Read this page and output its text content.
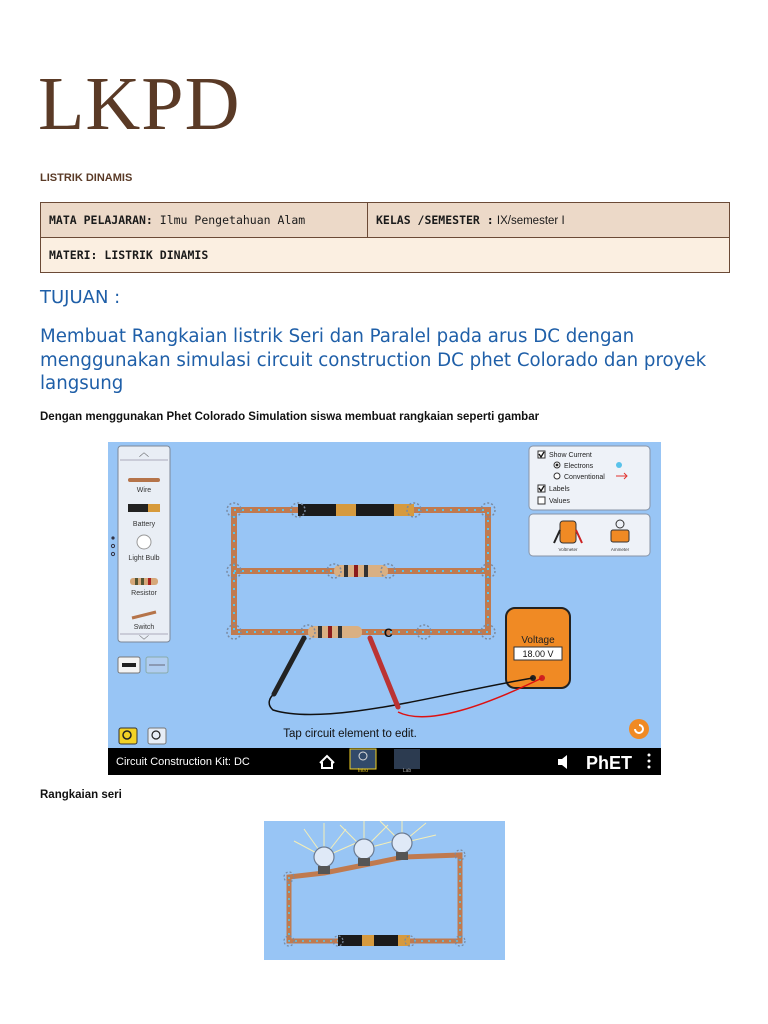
LKPD
LISTRIK DINAMIS
MATA PELAJARAN: Ilmu Pengetahuan Alam	KELAS /SEMESTER : IX/semester I
MATERI: LISTRIK DINAMIS
TUJUAN :
Membuat Rangkaian listrik Seri dan Paralel pada arus DC dengan menggunakan simulasi circuit construction DC phet Colorado dan proyek langsung
Dengan menggunakan Phet Colorado Simulation siswa membuat rangkaian seperti gambar
︿
Wire
Battery
Light Bulb
Resistor
Switch
﹀
C
Show Current
Electrons
Conventional
Labels
Values
Voltmeter	Ammeter
Voltage
18.00 V
Tap circuit element to edit.
Circuit Construction Kit: DC
Intro	Lab	PhET
Rangkaian seri
